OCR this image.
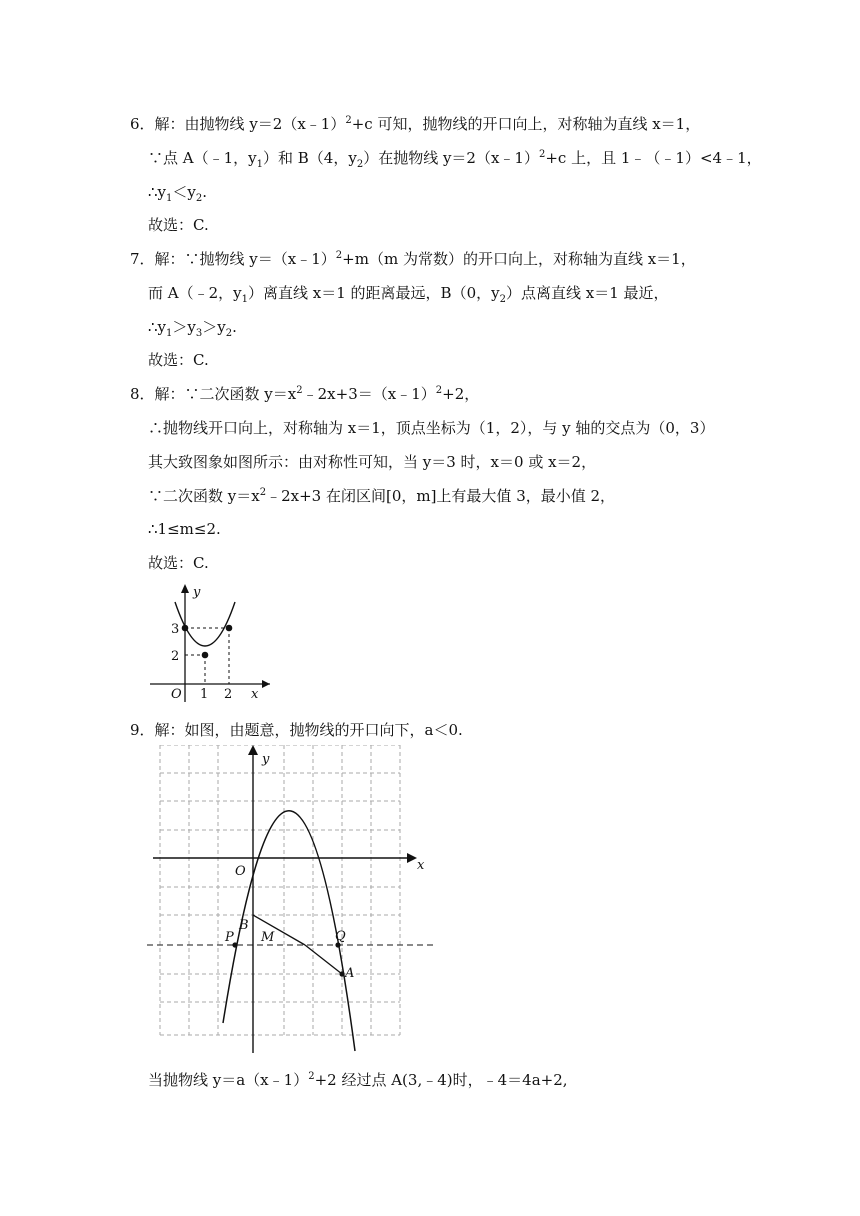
6．解：由抛物线 y＝2（x﹣1）$^2$+c 可知，抛物线的开口向上，对称轴为直线 x＝1，
∵点 A（﹣1，$y_1$）和 B（4，$y_2$）在抛物线 y＝2（x﹣1）$^2$+c 上，且 1﹣（﹣1）<4﹣1，
$\therefore y_1<y_2$.
故选：C.
7．解：∵抛物线 y＝（x﹣1）$^2$+m（m 为常数）的开口向上，对称轴为直线 x＝1，
而 A（﹣2，$y_1$）离直线 x＝1 的距离最远，B（0，$y_2$）点离直线 x＝1 最近，
$\therefore y_1>y_3>y_2$.
故选：C.
8．解：∵二次函数 $y=x^2﹣2x+3=(x﹣1)^2+2$，
∴抛物线开口向上，对称轴为 x＝1，顶点坐标为（1，2），与 y 轴的交点为（0，3）
其大致图象如图所示：由对称性可知，当 y＝3 时，x＝0 或 x＝2，
∵二次函数 $y=x^2﹣2x+3$ 在闭区间[0，m]上有最大值 3，最小值 2，
∴1≤m≤2.
故选：C.
y
x
O 1 2
3
2
9．解：如图，由题意，抛物线的开口向下，a＜0.
y
x
O
B
P M	Q
A
当抛物线 y＝a（x﹣1）$^2$+2 经过点 A(3,﹣4)时，﹣4＝4a+2,
